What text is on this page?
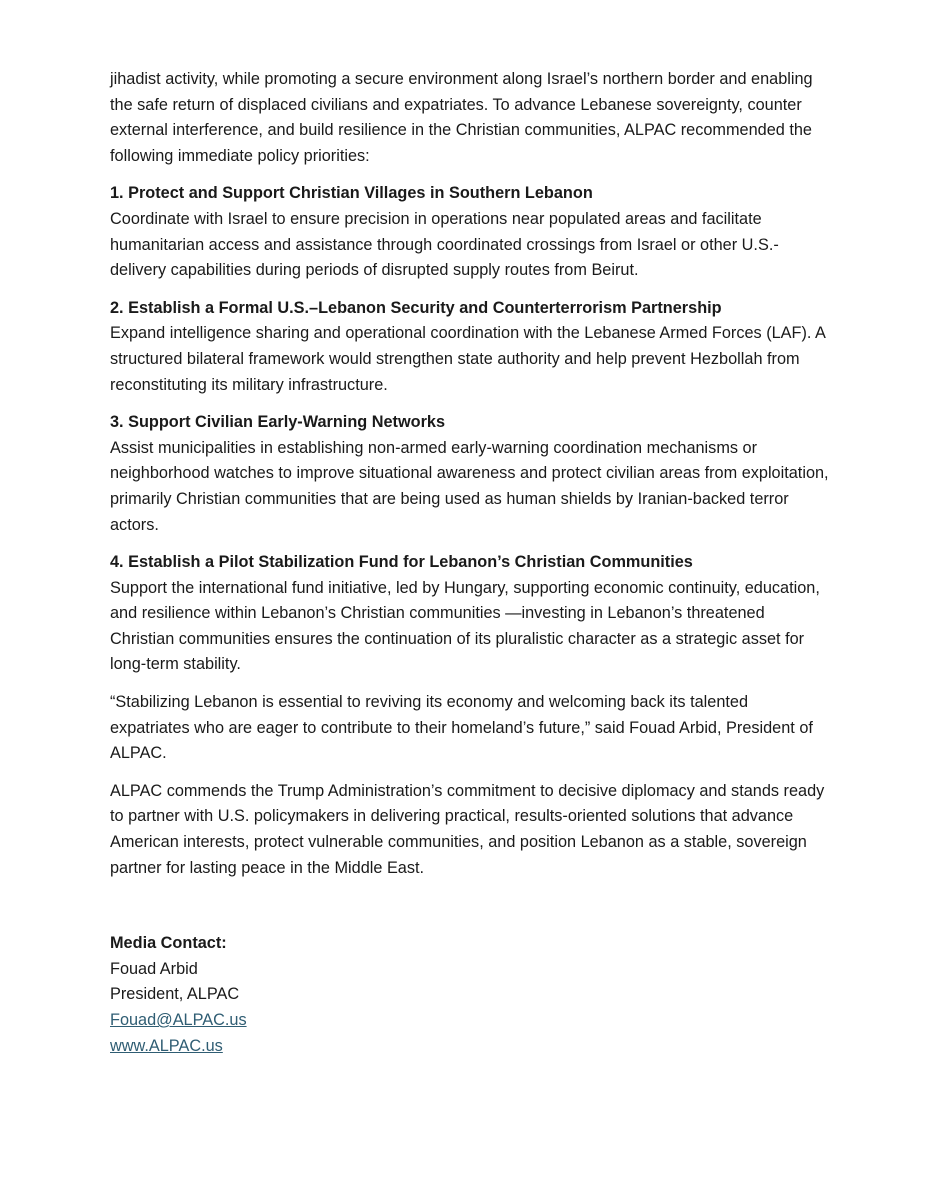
jihadist activity, while promoting a secure environment along Israel’s northern border and enabling the safe return of displaced civilians and expatriates. To advance Lebanese sovereignty, counter external interference, and build resilience in the Christian communities, ALPAC recommended the following immediate policy priorities:

1. Protect and Support Christian Villages in Southern Lebanon
Coordinate with Israel to ensure precision in operations near populated areas and facilitate humanitarian access and assistance through coordinated crossings from Israel or other U.S.-delivery capabilities during periods of disrupted supply routes from Beirut.
2. Establish a Formal U.S.–Lebanon Security and Counterterrorism Partnership
Expand intelligence sharing and operational coordination with the Lebanese Armed Forces (LAF). A structured bilateral framework would strengthen state authority and help prevent Hezbollah from reconstituting its military infrastructure.
3. Support Civilian Early-Warning Networks
Assist municipalities in establishing non-armed early-warning coordination mechanisms or neighborhood watches to improve situational awareness and protect civilian areas from exploitation, primarily Christian communities that are being used as human shields by Iranian-backed terror actors.
4. Establish a Pilot Stabilization Fund for Lebanon’s Christian Communities
Support the international fund initiative, led by Hungary, supporting economic continuity, education, and resilience within Lebanon’s Christian communities —investing in Lebanon’s threatened Christian communities ensures the continuation of its pluralistic character as a strategic asset for long-term stability.

“Stabilizing Lebanon is essential to reviving its economy and welcoming back its talented expatriates who are eager to contribute to their homeland’s future,” said Fouad Arbid, President of ALPAC.

ALPAC commends the Trump Administration’s commitment to decisive diplomacy and stands ready to partner with U.S. policymakers in delivering practical, results-oriented solutions that advance American interests, protect vulnerable communities, and position Lebanon as a stable, sovereign partner for lasting peace in the Middle East.

Media Contact:
Fouad Arbid
President, ALPAC
Fouad@ALPAC.us
www.ALPAC.us
